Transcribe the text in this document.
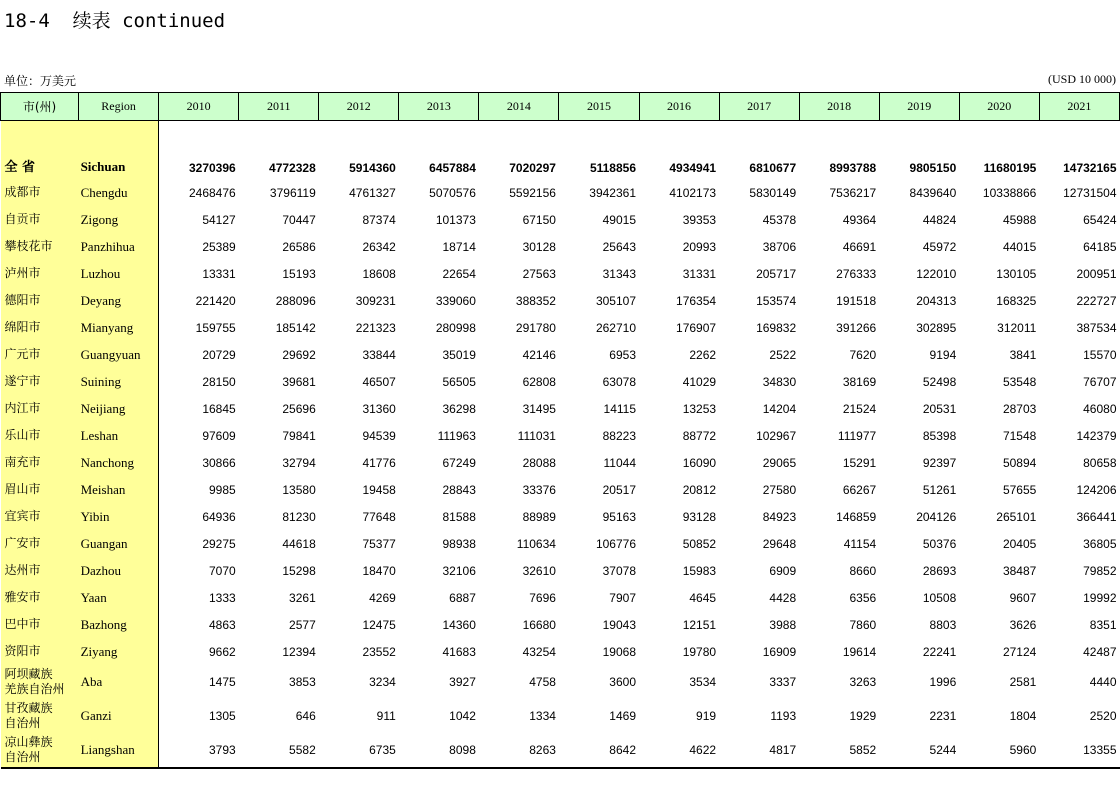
18-4  续表 continued
单位：万美元	(USD 10 000)
市(州)	Region	2010	2011	2012	2013	2014	2015	2016	2017	2018	2019	2020	2021

全 省	Sichuan	3270396	4772328	5914360	6457884	7020297	5118856	4934941	6810677	8993788	9805150	11680195	14732165
成都市	Chengdu	2468476	3796119	4761327	5070576	5592156	3942361	4102173	5830149	7536217	8439640	10338866	12731504
自贡市	Zigong	54127	70447	87374	101373	67150	49015	39353	45378	49364	44824	45988	65424
攀枝花市	Panzhihua	25389	26586	26342	18714	30128	25643	20993	38706	46691	45972	44015	64185
泸州市	Luzhou	13331	15193	18608	22654	27563	31343	31331	205717	276333	122010	130105	200951
德阳市	Deyang	221420	288096	309231	339060	388352	305107	176354	153574	191518	204313	168325	222727
绵阳市	Mianyang	159755	185142	221323	280998	291780	262710	176907	169832	391266	302895	312011	387534
广元市	Guangyuan	20729	29692	33844	35019	42146	6953	2262	2522	7620	9194	3841	15570
遂宁市	Suining	28150	39681	46507	56505	62808	63078	41029	34830	38169	52498	53548	76707
内江市	Neijiang	16845	25696	31360	36298	31495	14115	13253	14204	21524	20531	28703	46080
乐山市	Leshan	97609	79841	94539	111963	111031	88223	88772	102967	111977	85398	71548	142379
南充市	Nanchong	30866	32794	41776	67249	28088	11044	16090	29065	15291	92397	50894	80658
眉山市	Meishan	9985	13580	19458	28843	33376	20517	20812	27580	66267	51261	57655	124206
宜宾市	Yibin	64936	81230	77648	81588	88989	95163	93128	84923	146859	204126	265101	366441
广安市	Guangan	29275	44618	75377	98938	110634	106776	50852	29648	41154	50376	20405	36805
达州市	Dazhou	7070	15298	18470	32106	32610	37078	15983	6909	8660	28693	38487	79852
雅安市	Yaan	1333	3261	4269	6887	7696	7907	4645	4428	6356	10508	9607	19992
巴中市	Bazhong	4863	2577	12475	14360	16680	19043	12151	3988	7860	8803	3626	8351
资阳市	Ziyang	9662	12394	23552	41683	43254	19068	19780	16909	19614	22241	27124	42487
阿坝藏族
羌族自治州	Aba	1475	3853	3234	3927	4758	3600	3534	3337	3263	1996	2581	4440
甘孜藏族
自治州	Ganzi	1305	646	911	1042	1334	1469	919	1193	1929	2231	1804	2520
凉山彝族
自治州	Liangshan	3793	5582	6735	8098	8263	8642	4622	4817	5852	5244	5960	13355
